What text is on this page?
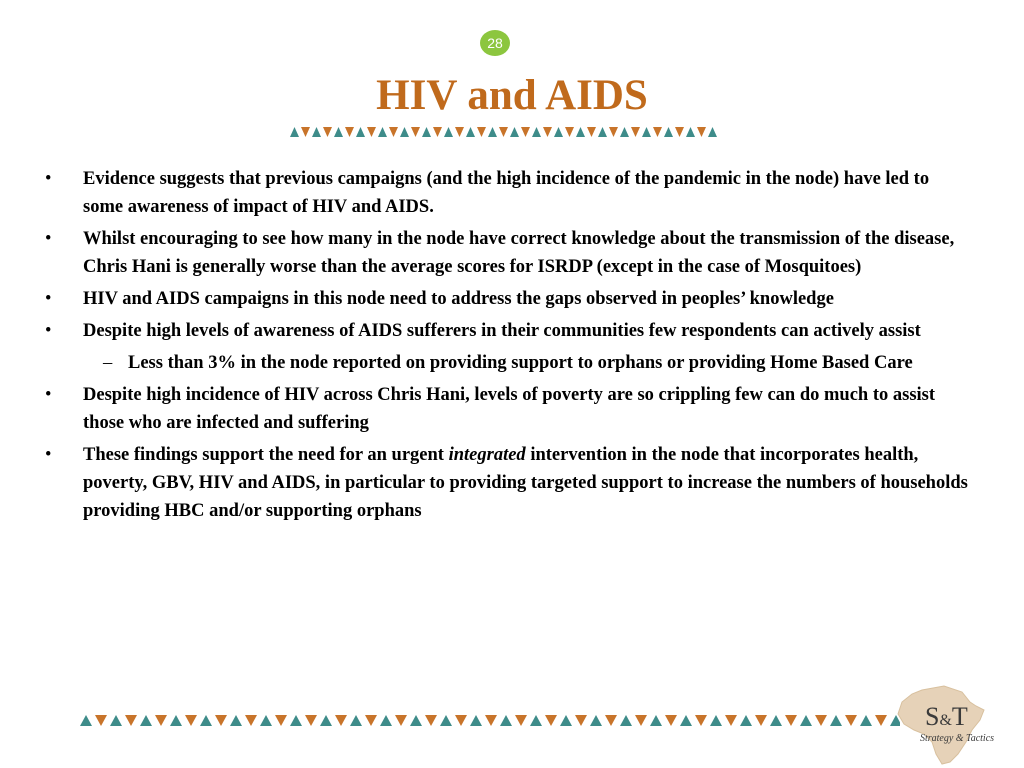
28
HIV and AIDS
• Evidence suggests that previous campaigns (and the high incidence of the pandemic in the node) have led to some awareness of impact of HIV and AIDS.
• Whilst encouraging to see how many in the node have correct knowledge about the transmission of the disease, Chris Hani is generally worse than the average scores for ISRDP (except in the case of Mosquitoes)
• HIV and AIDS campaigns in this node need to address the gaps observed in peoples’ knowledge
• Despite high levels of awareness of AIDS sufferers in their communities few respondents can actively assist
– Less than 3% in the node reported on providing support to orphans or providing Home Based Care
• Despite high incidence of HIV across Chris Hani, levels of poverty are so crippling few can do much to assist those who are infected and suffering
• These findings support the need for an urgent integrated intervention in the node that incorporates health, poverty, GBV, HIV and AIDS, in particular to providing targeted support to increase the numbers of households providing HBC and/or supporting orphans
S&T
Strategy & Tactics
